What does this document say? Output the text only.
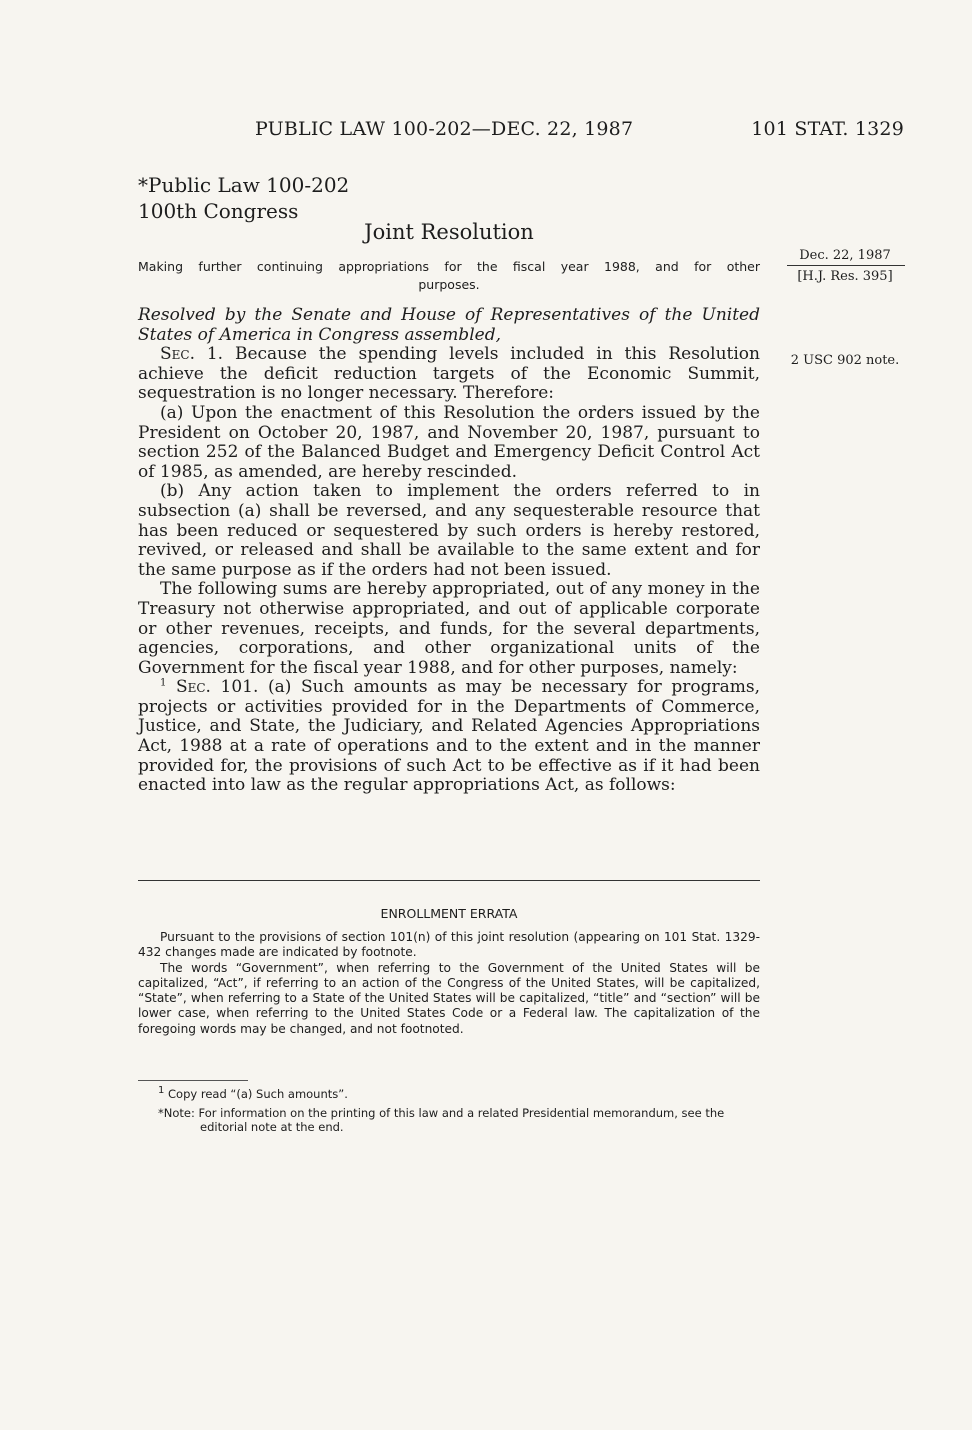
PUBLIC LAW 100-202—DEC. 22, 1987	101 STAT. 1329
*Public Law 100-202
100th Congress
Joint Resolution
Making further continuing appropriations for the fiscal year 1988, and for other
purposes.
Dec. 22, 1987
[H.J. Res. 395]
2 USC 902 note.

Resolved by the Senate and House of Representatives of the United States of America in Congress assembled,

Sec. 1. Because the spending levels included in this Resolution achieve the deficit reduction targets of the Economic Summit, sequestration is no longer necessary. Therefore:

(a) Upon the enactment of this Resolution the orders issued by the President on October 20, 1987, and November 20, 1987, pursuant to section 252 of the Balanced Budget and Emergency Deficit Control Act of 1985, as amended, are hereby rescinded.

(b) Any action taken to implement the orders referred to in subsection (a) shall be reversed, and any sequesterable resource that has been reduced or sequestered by such orders is hereby restored, revived, or released and shall be available to the same extent and for the same purpose as if the orders had not been issued.

The following sums are hereby appropriated, out of any money in the Treasury not otherwise appropriated, and out of applicable corporate or other revenues, receipts, and funds, for the several departments, agencies, corporations, and other organizational units of the Government for the fiscal year 1988, and for other purposes, namely:

$^1$ Sec. 101. (a) Such amounts as may be necessary for programs, projects or activities provided for in the Departments of Commerce, Justice, and State, the Judiciary, and Related Agencies Appropriations Act, 1988 at a rate of operations and to the extent and in the manner provided for, the provisions of such Act to be effective as if it had been enacted into law as the regular appropriations Act, as follows:

ENROLLMENT ERRATA

Pursuant to the provisions of section 101(n) of this joint resolution (appearing on 101 Stat. 1329-432 changes made are indicated by footnote.

The words “Government”, when referring to the Government of the United States will be capitalized, “Act”, if referring to an action of the Congress of the United States, will be capitalized, “State”, when referring to a State of the United States will be capitalized, “title” and “section” will be lower case, when referring to the United States Code or a Federal law. The capitalization of the foregoing words may be changed, and not footnoted.

$^1$ Copy read “(a) Such amounts”.

*Note: For information on the printing of this law and a related Presidential memorandum, see the editorial note at the end.
